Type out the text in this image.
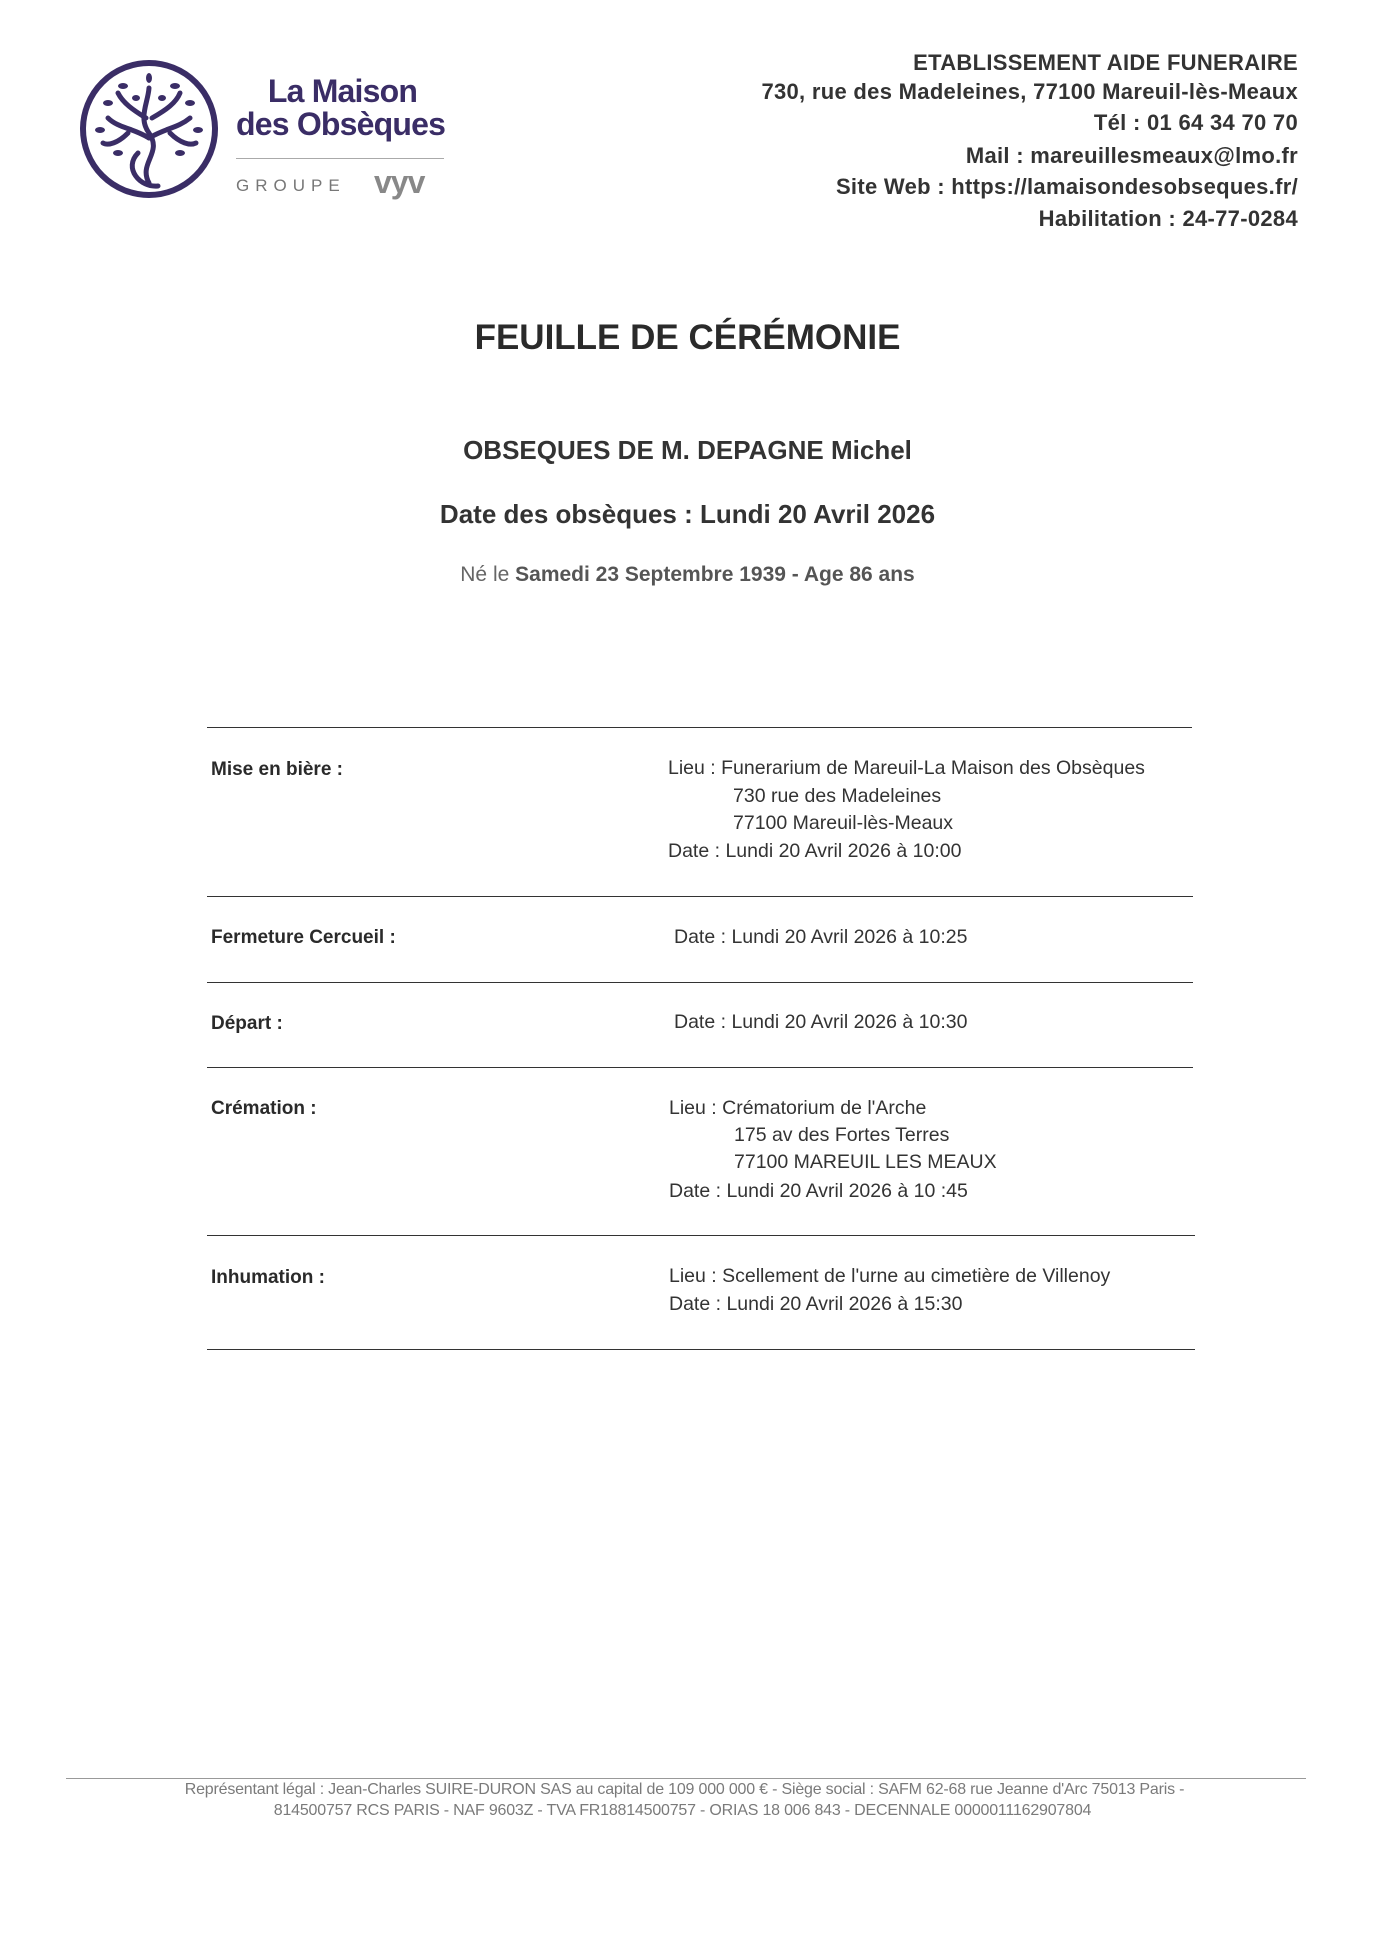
La Maison
des Obsèques
GROUPE vyv
ETABLISSEMENT AIDE FUNERAIRE
730, rue des Madeleines, 77100 Mareuil-lès-Meaux
Tél : 01 64 34 70 70
Mail : mareuillesmeaux@lmo.fr
Site Web : https://lamaisondesobseques.fr/
Habilitation : 24-77-0284
FEUILLE DE CÉRÉMONIE
OBSEQUES DE M. DEPAGNE Michel
Date des obsèques : Lundi 20 Avril 2026
Né le Samedi 23 Septembre 1939 - Age 86 ans
Mise en bière :	Lieu : Funerarium de Mareuil-La Maison des Obsèques
730 rue des Madeleines
77100 Mareuil-lès-Meaux
Date : Lundi 20 Avril 2026 à 10:00
Fermeture Cercueil :	Date : Lundi 20 Avril 2026 à 10:25
Départ :	Date : Lundi 20 Avril 2026 à 10:30
Crémation :	Lieu : Crématorium de l'Arche
175 av des Fortes Terres
77100 MAREUIL LES MEAUX
Date : Lundi 20 Avril 2026 à 10 :45
Inhumation :	Lieu : Scellement de l'urne au cimetière de Villenoy
Date : Lundi 20 Avril 2026 à 15:30
Représentant légal : Jean-Charles SUIRE-DURON SAS au capital de 109 000 000 € - Siège social : SAFM 62-68 rue Jeanne d'Arc 75013 Paris -
814500757 RCS PARIS - NAF 9603Z - TVA FR18814500757 - ORIAS 18 006 843 - DECENNALE 0000011162907804
